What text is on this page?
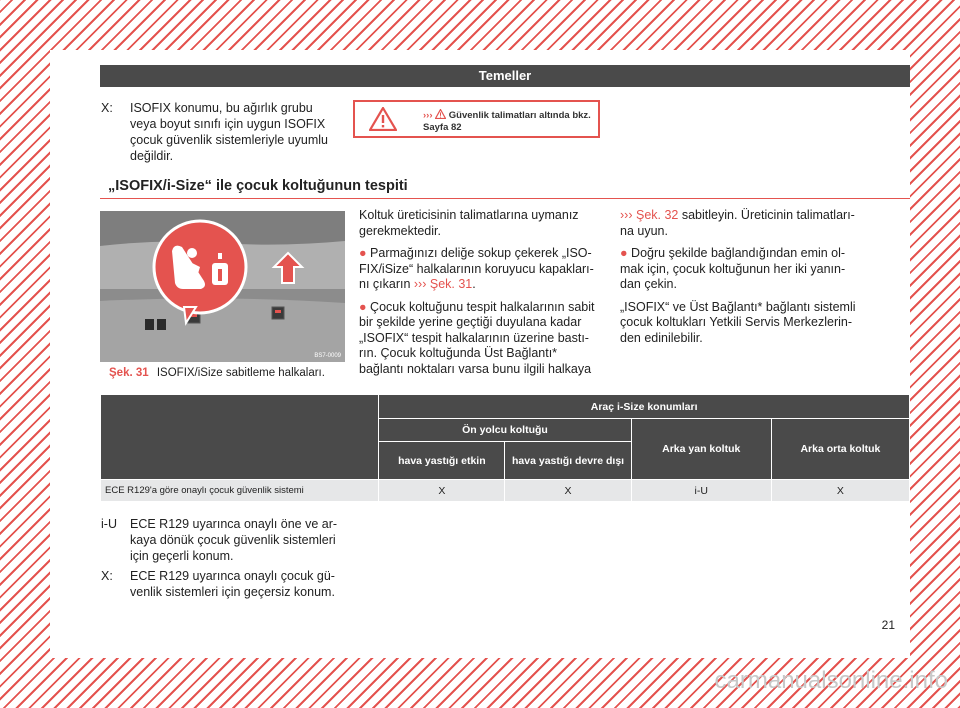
Temeller
X:	ISOFIX konumu, bu ağırlık grubu veya boyut sınıfı için uygun ISOFIX çocuk güvenlik sistemleriyle uyumlu değildir.
››› Güvenlik talimatları altında bkz.
Sayfa 82
„ISOFIX/i-Size“ ile çocuk koltuğunun tespiti
BS7-0009
Şek. 31 ISOFIX/iSize sabitleme halkaları.

Koltuk üreticisinin talimatlarına uymanız gerekmektedir.

● Parmağınızı deliğe sokup çekerek „ISO-FIX/iSize“ halkalarının koruyucu kapakları-nı çıkarın ››› Şek. 31.

● Çocuk koltuğunu tespit halkalarının sabit bir şekilde yerine geçtiği duyulana kadar „ISOFIX“ tespit halkalarının üzerine bastı-rın. Çocuk koltuğunda Üst Bağlantı* bağlantı noktaları varsa bunu ilgili halkaya

››› Şek. 32 sabitleyin. Üreticinin talimatları-na uyun.

● Doğru şekilde bağlandığından emin ol-mak için, çocuk koltuğunun her iki yanın-dan çekin.

„ISOFIX“ ve Üst Bağlantı* bağlantı sistemli çocuk koltukları Yetkili Servis Merkezlerin-den edinilebilir.

	Araç i-Size konumları			
	Ön yolcu koltuğu		Arka yan koltuk	Arka orta koltuk
	hava yastığı etkin	hava yastığı devre dışı		
ECE R129'a göre onaylı çocuk güvenlik sistemi	X	X	i-U	X
i-U	ECE R129 uyarınca onaylı öne ve ar-kaya dönük çocuk güvenlik sistemleri için geçerli konum.
X:	ECE R129 uyarınca onaylı çocuk gü-venlik sistemleri için geçersiz konum.
21
carmanualsonline.info
